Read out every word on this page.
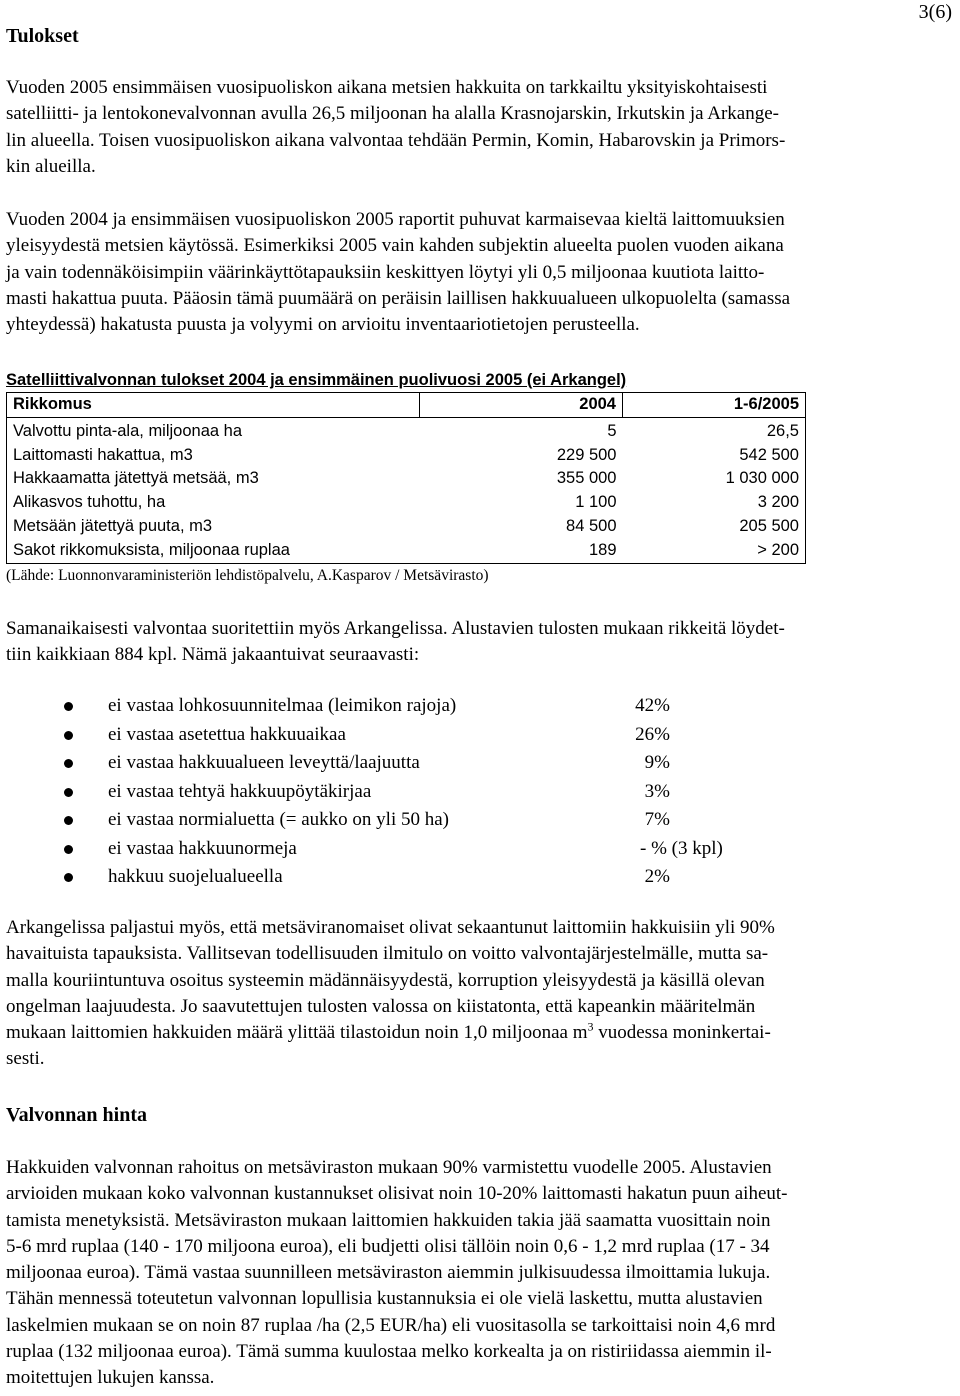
3(6)
Tulokset
Vuoden 2005 ensimmäisen vuosipuoliskon aikana metsien hakkuita on tarkkailtu yksityiskohtaisesti
satelliitti- ja lentokonevalvonnan avulla 26,5 miljoonan ha alalla Krasnojarskin, Irkutskin ja Arkange-
lin alueella. Toisen vuosipuoliskon aikana valvontaa tehdään Permin, Komin, Habarovskin ja Primors-
kin alueilla.
Vuoden 2004 ja ensimmäisen vuosipuoliskon 2005 raportit puhuvat karmaisevaa kieltä laittomuuksien
yleisyydestä metsien käytössä. Esimerkiksi 2005 vain kahden subjektin alueelta puolen vuoden aikana
ja vain todennäköisimpiin väärinkäyttötapauksiin keskittyen löytyi yli 0,5 miljoonaa kuutiota laitto-
masti hakattua puuta. Pääosin tämä puumäärä on peräisin laillisen hakkuualueen ulkopuolelta (samassa
yhteydessä) hakatusta puusta ja volyymi on arvioitu inventaariotietojen perusteella.
Satelliittivalvonnan tulokset 2004 ja ensimmäinen puolivuosi 2005 (ei Arkangel)
Rikkomus	2004	1-6/2005
Valvottu pinta-ala, miljoonaa ha	5	26,5
Laittomasti hakattua, m3	229 500	542 500
Hakkaamatta jätettyä metsää, m3	355 000	1 030 000
Alikasvos tuhottu, ha	1 100	3 200
Metsään jätettyä puuta, m3	84 500	205 500
Sakot rikkomuksista, miljoonaa ruplaa	189	> 200
(Lähde: Luonnonvaraministeriön lehdistöpalvelu, A.Kasparov / Metsävirasto)
Samanaikaisesti valvontaa suoritettiin myös Arkangelissa. Alustavien tulosten mukaan rikkeitä löydet-
tiin kaikkiaan 884 kpl. Nämä jakaantuivat seuraavasti:
ei vastaa lohkosuunnitelmaa (leimikon rajoja)	42%
ei vastaa asetettua hakkuuaikaa	26%
ei vastaa hakkuualueen leveyttä/laajuutta	9%
ei vastaa tehtyä hakkuupöytäkirjaa	3%
ei vastaa normialuetta (= aukko on yli 50 ha)	7%
ei vastaa hakkuunormeja	- % (3 kpl)
hakkuu suojelualueella	2%
Arkangelissa paljastui myös, että metsäviranomaiset olivat sekaantunut laittomiin hakkuisiin yli 90%
havaituista tapauksista. Vallitsevan todellisuuden ilmitulo on voitto valvontajärjestelmälle, mutta sa-
malla kouriintuntuva osoitus systeemin mädännäisyydestä, korruption yleisyydestä ja käsillä olevan
ongelman laajuudesta. Jo saavutettujen tulosten valossa on kiistatonta, että kapeankin määritelmän
mukaan laittomien hakkuiden määrä ylittää tilastoidun noin 1,0 miljoonaa $m^3$ vuodessa moninkertai-
sesti.
Valvonnan hinta
Hakkuiden valvonnan rahoitus on metsäviraston mukaan 90% varmistettu vuodelle 2005. Alustavien
arvioiden mukaan koko valvonnan kustannukset olisivat noin 10-20% laittomasti hakatun puun aiheut-
tamista menetyksistä. Metsäviraston mukaan laittomien hakkuiden takia jää saamatta vuosittain noin
5-6 mrd ruplaa (140 - 170 miljoona euroa), eli budjetti olisi tällöin noin 0,6 - 1,2 mrd ruplaa (17 - 34
miljoonaa euroa). Tämä vastaa suunnilleen metsäviraston aiemmin julkisuudessa ilmoittamia lukuja.
Tähän mennessä toteutetun valvonnan lopullisia kustannuksia ei ole vielä laskettu, mutta alustavien
laskelmien mukaan se on noin 87 ruplaa /ha (2,5 EUR/ha) eli vuositasolla se tarkoittaisi noin 4,6 mrd
ruplaa (132 miljoonaa euroa). Tämä summa kuulostaa melko korkealta ja on ristiriidassa aiemmin il-
moitettujen lukujen kanssa.
